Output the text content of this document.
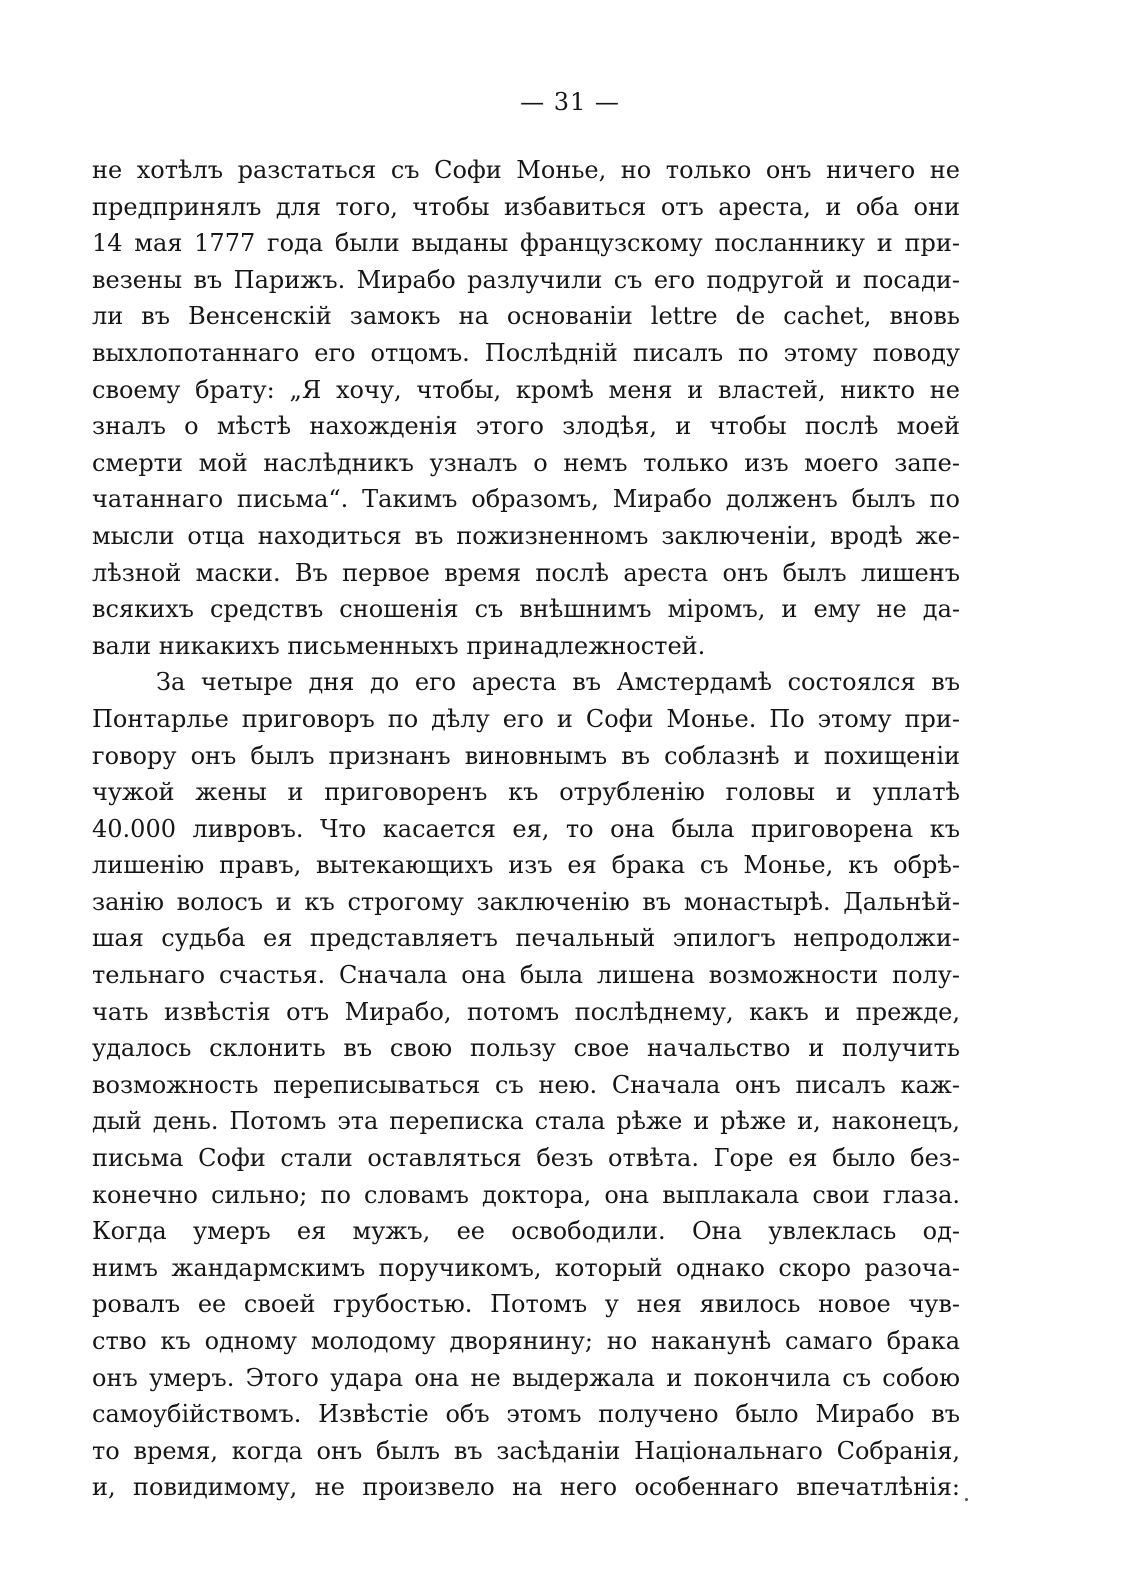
— 31 —

не хотѣлъ разстаться съ Софи Монье, но только онъ ничего не
предпринялъ для того, чтобы избавиться отъ ареста, и оба они
14 мая 1777 года были выданы французскому посланнику и при-
везены въ Парижъ. Мирабо разлучили съ его подругой и посади-
ли въ Венсенскій замокъ на основаніи lettre de cachet, вновь
выхлопотаннаго его отцомъ. Послѣдній писалъ по этому поводу
своему брату: „Я хочу, чтобы, кромѣ меня и властей, никто не
зналъ о мѣстѣ нахожденія этого злодѣя, и чтобы послѣ моей
смерти мой наслѣдникъ узналъ о немъ только изъ моего запе-
чатаннаго письма“. Такимъ образомъ, Мирабо долженъ былъ по
мысли отца находиться въ пожизненномъ заключеніи, вродѣ же-
лѣзной маски. Въ первое время послѣ ареста онъ былъ лишенъ
всякихъ средствъ сношенія съ внѣшнимъ міромъ, и ему не да-
вали никакихъ письменныхъ принадлежностей.
За четыре дня до его ареста въ Амстердамѣ состоялся въ
Понтарлье приговоръ по дѣлу его и Софи Монье. По этому при-
говору онъ былъ признанъ виновнымъ въ соблазнѣ и похищеніи
чужой жены и приговоренъ къ отрубленію головы и уплатѣ
40.000 ливровъ. Что касается ея, то она была приговорена къ
лишенію правъ, вытекающихъ изъ ея брака съ Монье, къ обрѣ-
занію волосъ и къ строгому заключенію въ монастырѣ. Дальнѣй-
шая судьба ея представляетъ печальный эпилогъ непродолжи-
тельнаго счастья. Сначала она была лишена возможности полу-
чать извѣстія отъ Мирабо, потомъ послѣднему, какъ и прежде,
удалось склонить въ свою пользу свое начальство и получить
возможность переписываться съ нею. Сначала онъ писалъ каж-
дый день. Потомъ эта переписка стала рѣже и рѣже и, наконецъ,
письма Софи стали оставляться безъ отвѣта. Горе ея было без-
конечно сильно; по словамъ доктора, она выплакала свои глаза.
Когда умеръ ея мужъ, ее освободили. Она увлеклась од-
нимъ жандармскимъ поручикомъ, который однако скоро разоча-
ровалъ ее своей грубостью. Потомъ у нея явилось новое чув-
ство къ одному молодому дворянину; но наканунѣ самаго брака
онъ умеръ. Этого удара она не выдержала и покончила съ собою
самоубійствомъ. Извѣстіе объ этомъ получено было Мирабо въ
то время, когда онъ былъ въ засѣданіи Національнаго Собранія,
и, повидимому, не произвело на него особеннаго впечатлѣнія:
